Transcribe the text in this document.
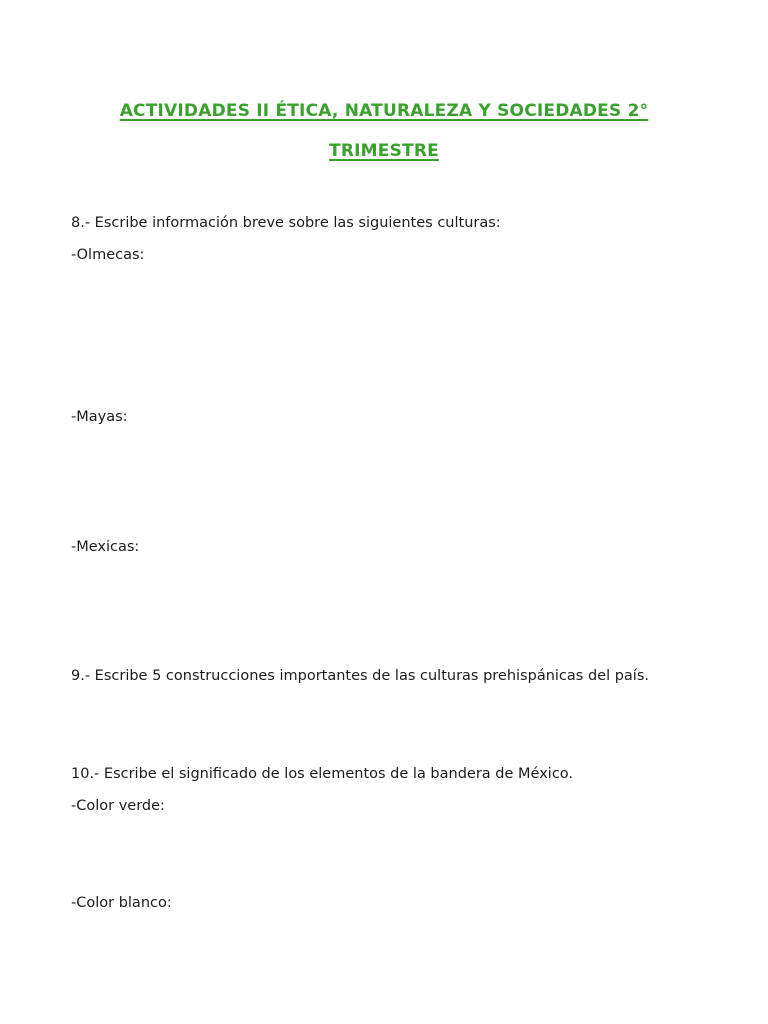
ACTIVIDADES II ÉTICA, NATURALEZA Y SOCIEDADES 2°
TRIMESTRE
8.- Escribe información breve sobre las siguientes culturas:
-Olmecas:
-Mayas:
-Mexicas:
9.- Escribe 5 construcciones importantes de las culturas prehispánicas del país.
10.- Escribe el significado de los elementos de la bandera de México.
-Color verde:
-Color blanco:
